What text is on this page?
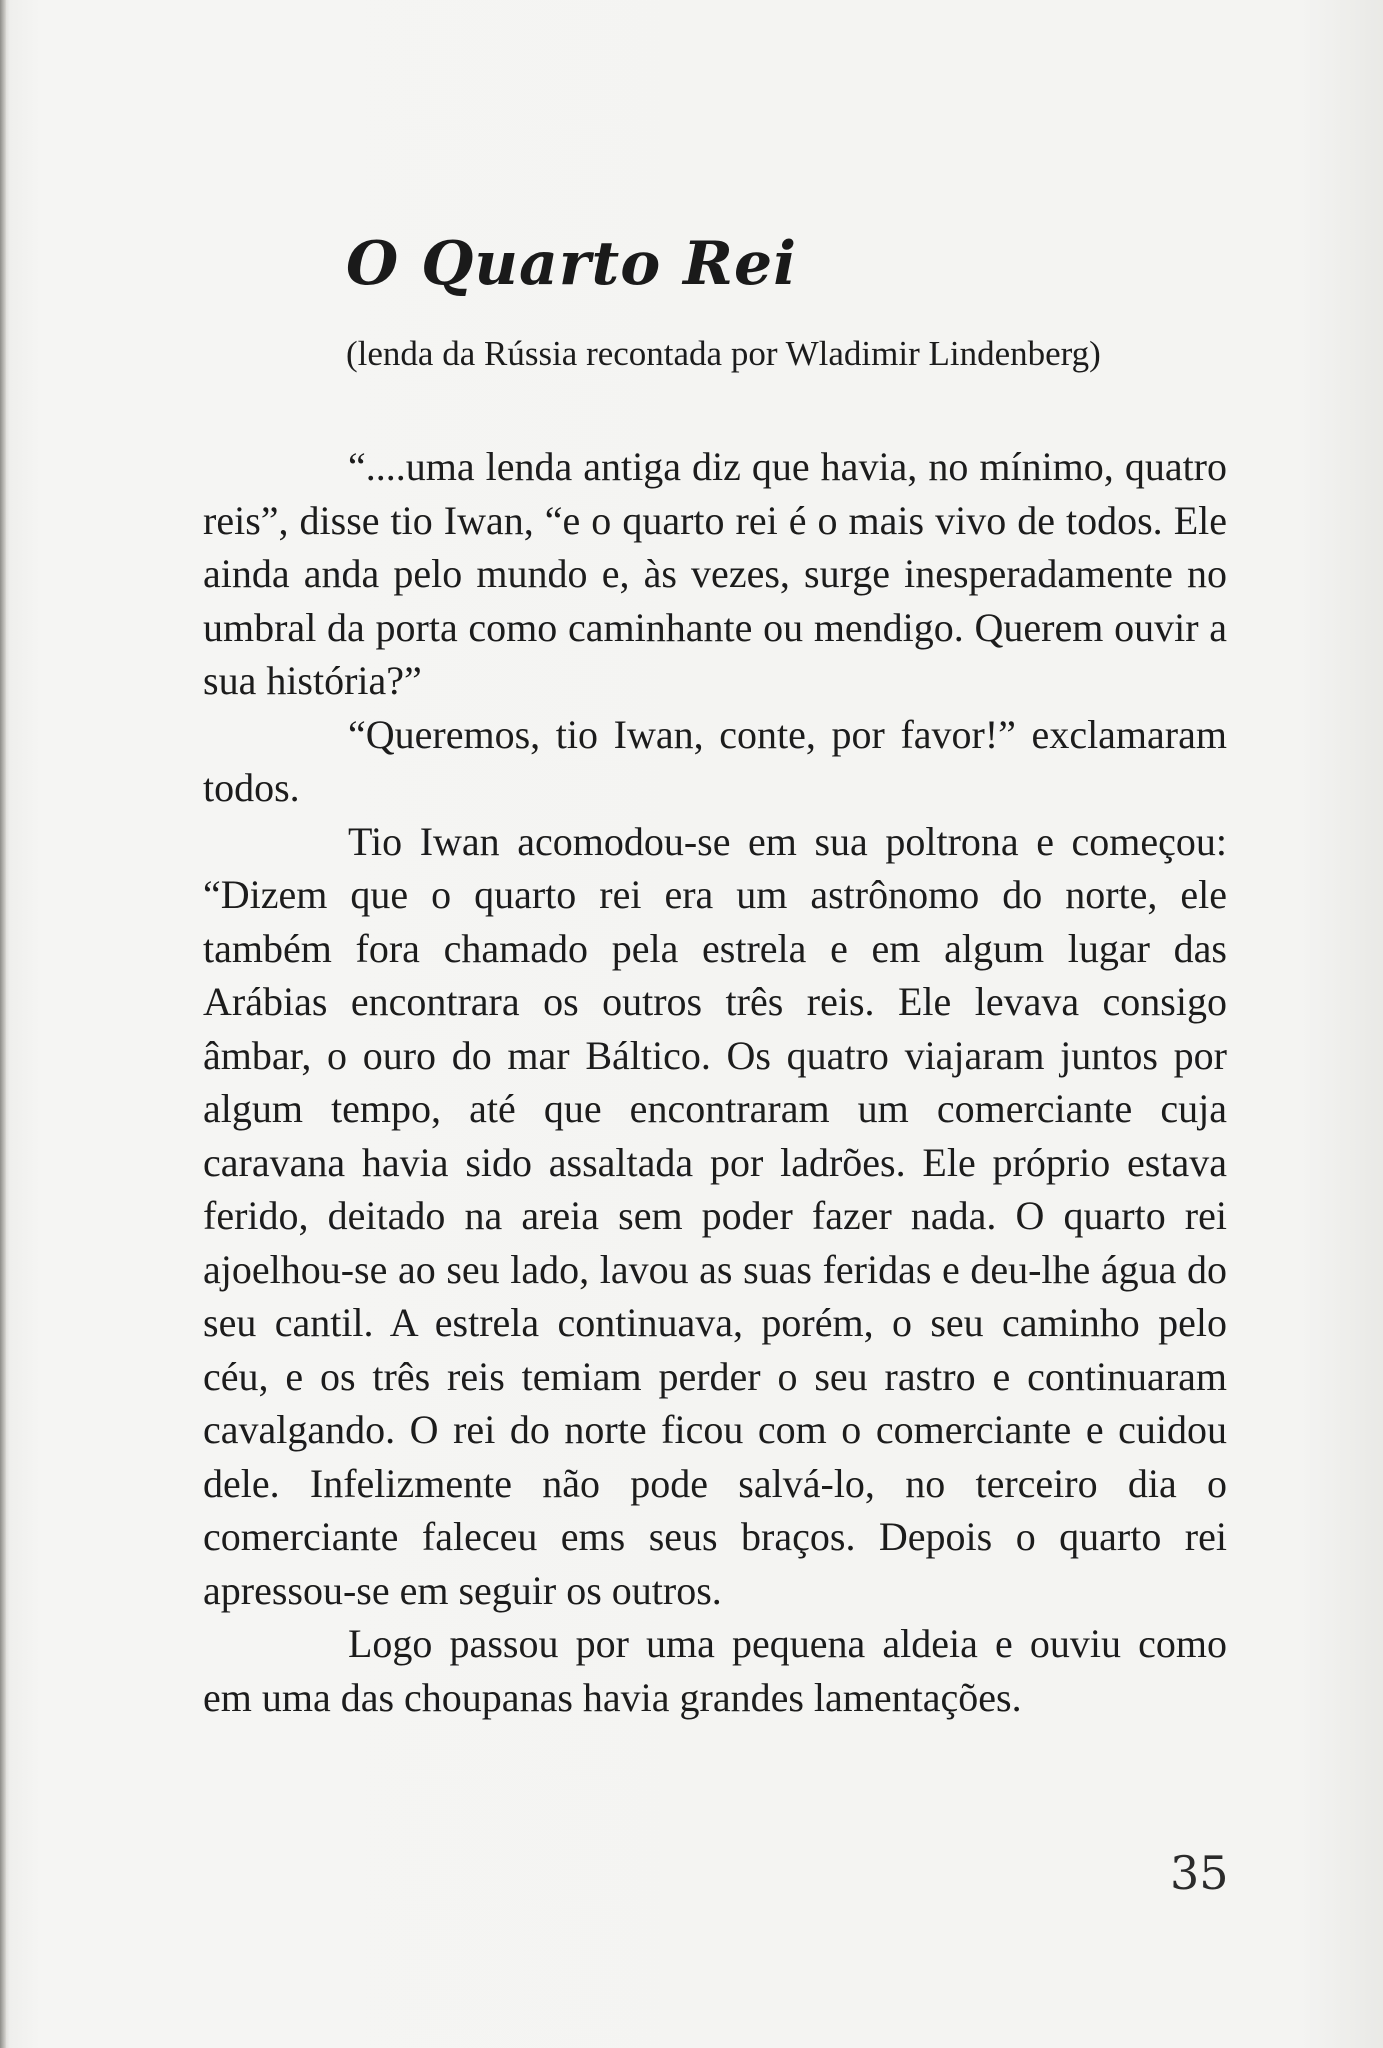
O Quarto Rei
(lenda da Rússia recontada por Wladimir Lindenberg)

“....uma lenda antiga diz que havia, no mínimo, quatro reis”, disse tio Iwan, “e o quarto rei é o mais vivo de todos. Ele ainda anda pelo mundo e, às vezes, surge inesperadamente no umbral da porta como caminhante ou mendigo. Querem ouvir a sua história?”

“Queremos, tio Iwan, conte, por favor!” exclamaram todos.

Tio Iwan acomodou-se em sua poltrona e começou: “Dizem que o quarto rei era um astrônomo do norte, ele também fora chamado pela estrela e em algum lugar das Arábias encontrara os outros três reis. Ele levava consigo âmbar, o ouro do mar Báltico. Os quatro viajaram juntos por algum tempo, até que encontraram um comerciante cuja caravana havia sido assaltada por ladrões. Ele próprio estava ferido, deitado na areia sem poder fazer nada. O quarto rei ajoelhou-se ao seu lado, lavou as suas feridas e deu-lhe água do seu cantil. A estrela continuava, porém, o seu caminho pelo céu, e os três reis temiam perder o seu rastro e continuaram cavalgando. O rei do norte ficou com o comerciante e cuidou dele. Infelizmente não pode salvá-lo, no terceiro dia o comerciante faleceu ems seus braços. Depois o quarto rei apressou-se em seguir os outros.

Logo passou por uma pequena aldeia e ouviu como em uma das choupanas havia grandes lamentações.

35
